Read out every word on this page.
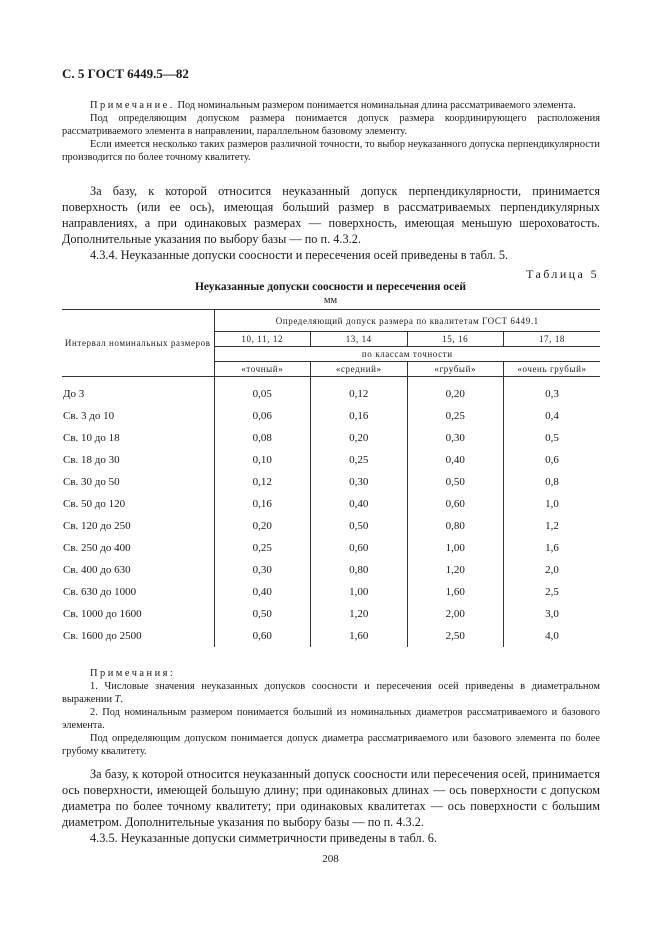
С. 5 ГОСТ 6449.5—82

Примечание. Под номинальным размером понимается номинальная длина рассматриваемого элемента.

Под определяющим допуском размера понимается допуск размера координирующего расположения рассматриваемого элемента в направлении, параллельном базовому элементу.

Если имеется несколько таких размеров различной точности, то выбор неуказанного допуска перпендикулярности производится по более точному квалитету.

За базу, к которой относится неуказанный допуск перпендикулярности, принимается поверхность (или ее ось), имеющая больший размер в рассматриваемых перпендикулярных направлениях, а при одинаковых размерах — поверхность, имеющая меньшую шероховатость. Дополнительные указания по выбору базы — по п. 4.3.2.

4.3.4. Неуказанные допуски соосности и пересечения осей приведены в табл. 5.

Таблица 5
Неуказанные допуски соосности и пересечения осей
мм
Интервал номинальных размеров	Определяющий допуск размера по квалитетам ГОСТ 6449.1			
	10, 11, 12	13, 14	15, 16	17, 18
	по классам точности			
	«точный»	«средний»	«грубый»	«очень грубый»

До 3	0,05	0,12	0,20	0,3
Св. 3 до 10	0,06	0,16	0,25	0,4
Св. 10 до 18	0,08	0,20	0,30	0,5
Св. 18 до 30	0,10	0,25	0,40	0,6
Св. 30 до 50	0,12	0,30	0,50	0,8
Св. 50 до 120	0,16	0,40	0,60	1,0
Св. 120 до 250	0,20	0,50	0,80	1,2
Св. 250 до 400	0,25	0,60	1,00	1,6
Св. 400 до 630	0,30	0,80	1,20	2,0
Св. 630 до 1000	0,40	1,00	1,60	2,5
Св. 1000 до 1600	0,50	1,20	2,00	3,0
Св. 1600 до 2500	0,60	1,60	2,50	4,0

Примечания:

1. Числовые значения неуказанных допусков соосности и пересечения осей приведены в диаметральном выражении T.

2. Под номинальным размером понимается больший из номинальных диаметров рассматриваемого и базового элемента.

Под определяющим допуском понимается допуск диаметра рассматриваемого или базового элемента по более грубому квалитету.

За базу, к которой относится неуказанный допуск соосности или пересечения осей, принимается ось поверхности, имеющей большую длину; при одинаковых длинах — ось поверхности с допуском диаметра по более точному квалитету; при одинаковых квалитетах — ось поверхности с большим диаметром. Дополнительные указания по выбору базы — по п. 4.3.2.

4.3.5. Неуказанные допуски симметричности приведены в табл. 6.

208
